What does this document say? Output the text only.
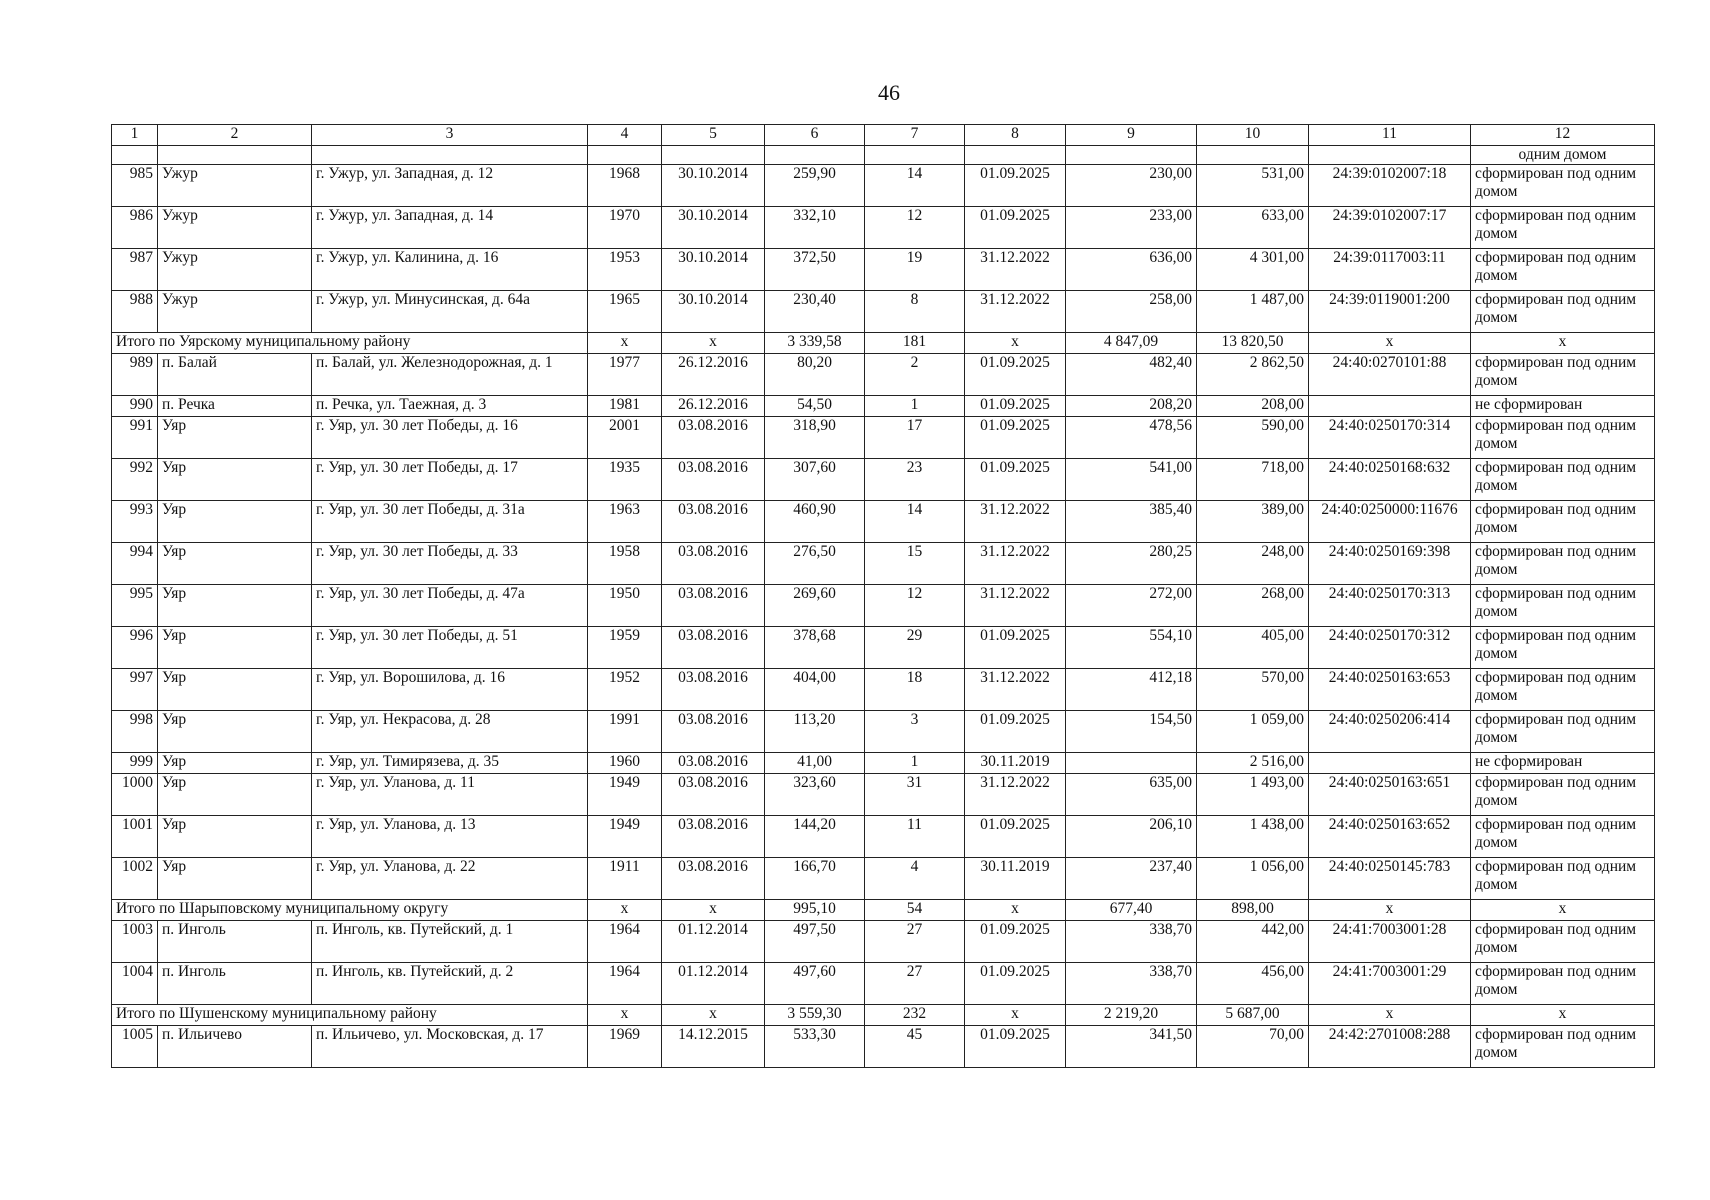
46
1	2	3	4	5	6	7	8	9	10	11	12
											одним домом
985	Ужур	г. Ужур, ул. Западная, д. 12	1968	30.10.2014	259,90	14	01.09.2025	230,00	531,00	24:39:0102007:18	сформирован под одним домом
986	Ужур	г. Ужур, ул. Западная, д. 14	1970	30.10.2014	332,10	12	01.09.2025	233,00	633,00	24:39:0102007:17	сформирован под одним домом
987	Ужур	г. Ужур, ул. Калинина, д. 16	1953	30.10.2014	372,50	19	31.12.2022	636,00	4 301,00	24:39:0117003:11	сформирован под одним домом
988	Ужур	г. Ужур, ул. Минусинская, д. 64а	1965	30.10.2014	230,40	8	31.12.2022	258,00	1 487,00	24:39:0119001:200	сформирован под одним домом
Итого по Уярскому муниципальному району			x	x	3 339,58	181	x	4 847,09	13 820,50	x	x
989	п. Балай	п. Балай, ул. Железнодорожная, д. 1	1977	26.12.2016	80,20	2	01.09.2025	482,40	2 862,50	24:40:0270101:88	сформирован под одним домом
990	п. Речка	п. Речка, ул. Таежная, д. 3	1981	26.12.2016	54,50	1	01.09.2025	208,20	208,00		не сформирован
991	Уяр	г. Уяр, ул. 30 лет Победы, д. 16	2001	03.08.2016	318,90	17	01.09.2025	478,56	590,00	24:40:0250170:314	сформирован под одним домом
992	Уяр	г. Уяр, ул. 30 лет Победы, д. 17	1935	03.08.2016	307,60	23	01.09.2025	541,00	718,00	24:40:0250168:632	сформирован под одним домом
993	Уяр	г. Уяр, ул. 30 лет Победы, д. 31а	1963	03.08.2016	460,90	14	31.12.2022	385,40	389,00	24:40:0250000:11676	сформирован под одним домом
994	Уяр	г. Уяр, ул. 30 лет Победы, д. 33	1958	03.08.2016	276,50	15	31.12.2022	280,25	248,00	24:40:0250169:398	сформирован под одним домом
995	Уяр	г. Уяр, ул. 30 лет Победы, д. 47а	1950	03.08.2016	269,60	12	31.12.2022	272,00	268,00	24:40:0250170:313	сформирован под одним домом
996	Уяр	г. Уяр, ул. 30 лет Победы, д. 51	1959	03.08.2016	378,68	29	01.09.2025	554,10	405,00	24:40:0250170:312	сформирован под одним домом
997	Уяр	г. Уяр, ул. Ворошилова, д. 16	1952	03.08.2016	404,00	18	31.12.2022	412,18	570,00	24:40:0250163:653	сформирован под одним домом
998	Уяр	г. Уяр, ул. Некрасова, д. 28	1991	03.08.2016	113,20	3	01.09.2025	154,50	1 059,00	24:40:0250206:414	сформирован под одним домом
999	Уяр	г. Уяр, ул. Тимирязева, д. 35	1960	03.08.2016	41,00	1	30.11.2019		2 516,00		не сформирован
1000	Уяр	г. Уяр, ул. Уланова, д. 11	1949	03.08.2016	323,60	31	31.12.2022	635,00	1 493,00	24:40:0250163:651	сформирован под одним домом
1001	Уяр	г. Уяр, ул. Уланова, д. 13	1949	03.08.2016	144,20	11	01.09.2025	206,10	1 438,00	24:40:0250163:652	сформирован под одним домом
1002	Уяр	г. Уяр, ул. Уланова, д. 22	1911	03.08.2016	166,70	4	30.11.2019	237,40	1 056,00	24:40:0250145:783	сформирован под одним домом
Итого по Шарыповскому муниципальному округу			x	x	995,10	54	x	677,40	898,00	x	x
1003	п. Инголь	п. Инголь, кв. Путейский, д. 1	1964	01.12.2014	497,50	27	01.09.2025	338,70	442,00	24:41:7003001:28	сформирован под одним домом
1004	п. Инголь	п. Инголь, кв. Путейский, д. 2	1964	01.12.2014	497,60	27	01.09.2025	338,70	456,00	24:41:7003001:29	сформирован под одним домом
Итого по Шушенскому муниципальному району			x	x	3 559,30	232	x	2 219,20	5 687,00	x	x
1005	п. Ильичево	п. Ильичево, ул. Московская, д. 17	1969	14.12.2015	533,30	45	01.09.2025	341,50	70,00	24:42:2701008:288	сформирован под одним домом
